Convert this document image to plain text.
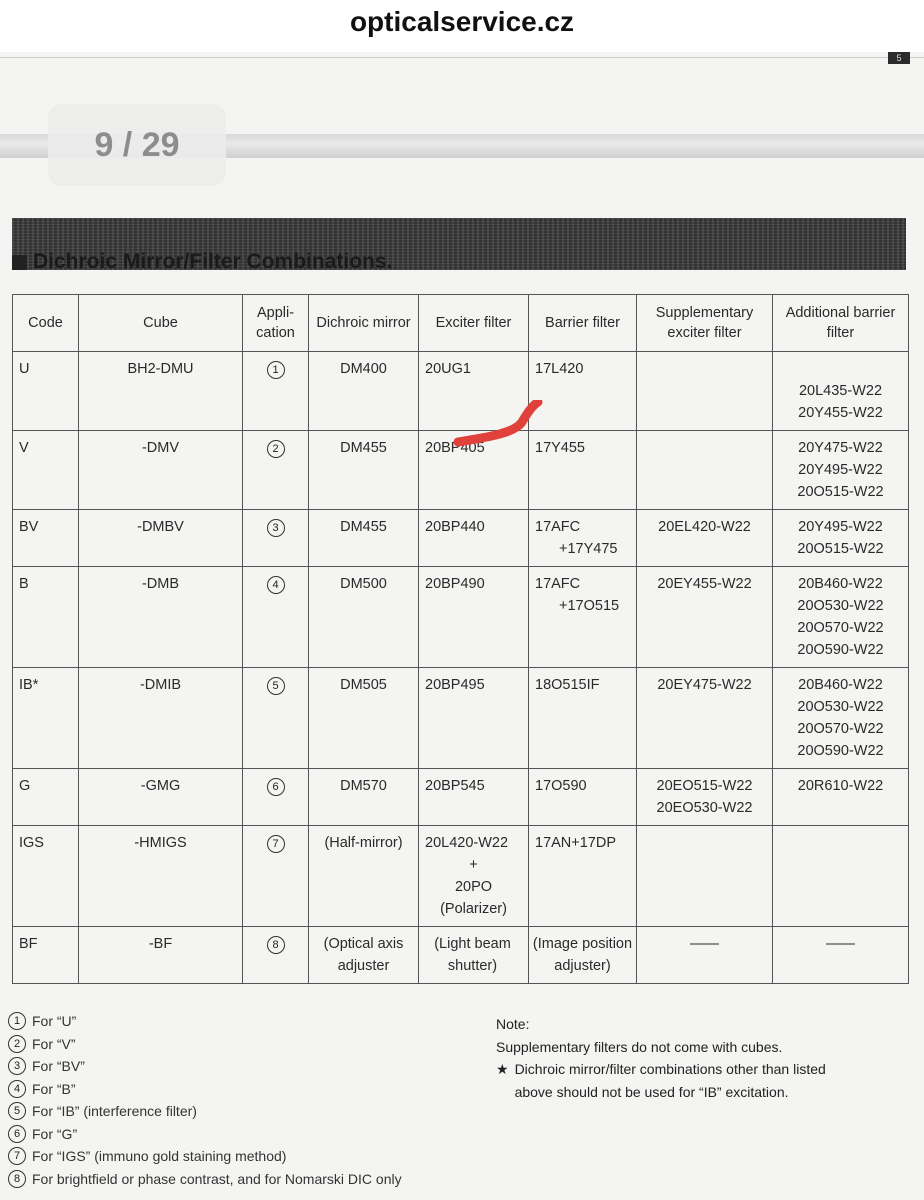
opticalservice.cz
5
9 / 29
Dichroic Mirror/Filter Combinations.
Code	Cube	Appli-
cation	Dichroic mirror	Exciter filter	Barrier filter	Supplementary
exciter filter	Additional barrier
filter

U	BH2-DMU	1	DM400	20UG1	17L420		20L435-W22
20Y455-W22

V	-DMV	2	DM455	20BP405	17Y455		20Y475-W22
20Y495-W22
20O515-W22

BV	-DMBV	3	DM455	20BP440	17AFC
+17Y475	20EL420-W22	20Y495-W22
20O515-W22

B	-DMB	4	DM500	20BP490	17AFC
+17O515	20EY455-W22	20B460-W22
20O530-W22
20O570-W22
20O590-W22

IB*	-DMIB	5	DM505	20BP495	18O515IF	20EY475-W22	20B460-W22
20O530-W22
20O570-W22
20O590-W22

G	-GMG	6	DM570	20BP545	17O590	20EO515-W22
20EO530-W22	20R610-W22

IGS	-HMIGS	7	(Half-mirror)	20L420-W22
+
20PO
(Polarizer)	17AN+17DP		

BF	-BF	8	(Optical axis
adjuster	(Light beam
shutter)	(Image position
adjuster)	——	——
1 For “U”
2 For “V”
3 For “BV”
4 For “B”
5 For “IB” (interference filter)
6 For “G”
7 For “IGS” (immuno gold staining method)
8 For brightfield or phase contrast, and for Nomarski DIC only
Note:
Supplementary filters do not come with cubes.
★ Dichroic mirror/filter combinations other than listed
above should not be used for “IB” excitation.
